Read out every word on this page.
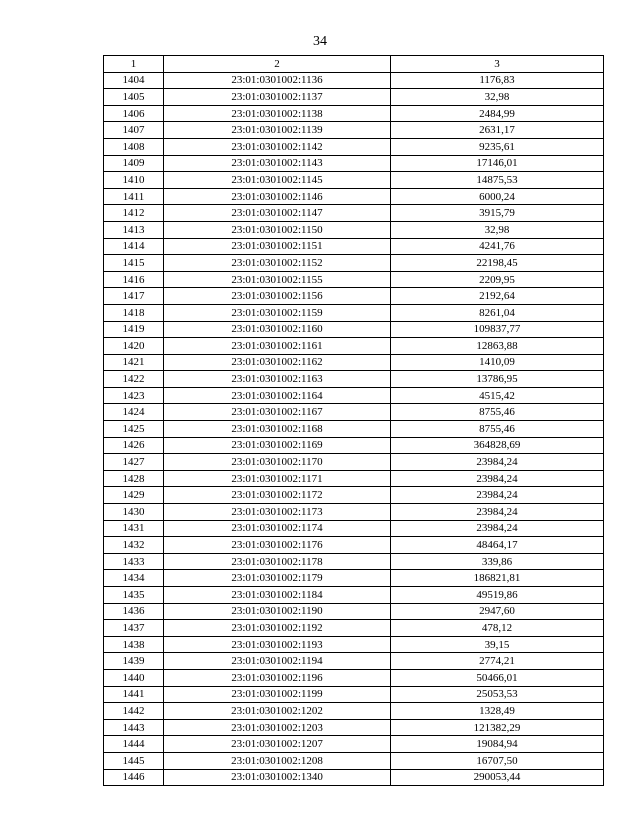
34
1	2	3
1404	23:01:0301002:1136	1176,83
1405	23:01:0301002:1137	32,98
1406	23:01:0301002:1138	2484,99
1407	23:01:0301002:1139	2631,17
1408	23:01:0301002:1142	9235,61
1409	23:01:0301002:1143	17146,01
1410	23:01:0301002:1145	14875,53
1411	23:01:0301002:1146	6000,24
1412	23:01:0301002:1147	3915,79
1413	23:01:0301002:1150	32,98
1414	23:01:0301002:1151	4241,76
1415	23:01:0301002:1152	22198,45
1416	23:01:0301002:1155	2209,95
1417	23:01:0301002:1156	2192,64
1418	23:01:0301002:1159	8261,04
1419	23:01:0301002:1160	109837,77
1420	23:01:0301002:1161	12863,88
1421	23:01:0301002:1162	1410,09
1422	23:01:0301002:1163	13786,95
1423	23:01:0301002:1164	4515,42
1424	23:01:0301002:1167	8755,46
1425	23:01:0301002:1168	8755,46
1426	23:01:0301002:1169	364828,69
1427	23:01:0301002:1170	23984,24
1428	23:01:0301002:1171	23984,24
1429	23:01:0301002:1172	23984,24
1430	23:01:0301002:1173	23984,24
1431	23:01:0301002:1174	23984,24
1432	23:01:0301002:1176	48464,17
1433	23:01:0301002:1178	339,86
1434	23:01:0301002:1179	186821,81
1435	23:01:0301002:1184	49519,86
1436	23:01:0301002:1190	2947,60
1437	23:01:0301002:1192	478,12
1438	23:01:0301002:1193	39,15
1439	23:01:0301002:1194	2774,21
1440	23:01:0301002:1196	50466,01
1441	23:01:0301002:1199	25053,53
1442	23:01:0301002:1202	1328,49
1443	23:01:0301002:1203	121382,29
1444	23:01:0301002:1207	19084,94
1445	23:01:0301002:1208	16707,50
1446	23:01:0301002:1340	290053,44
